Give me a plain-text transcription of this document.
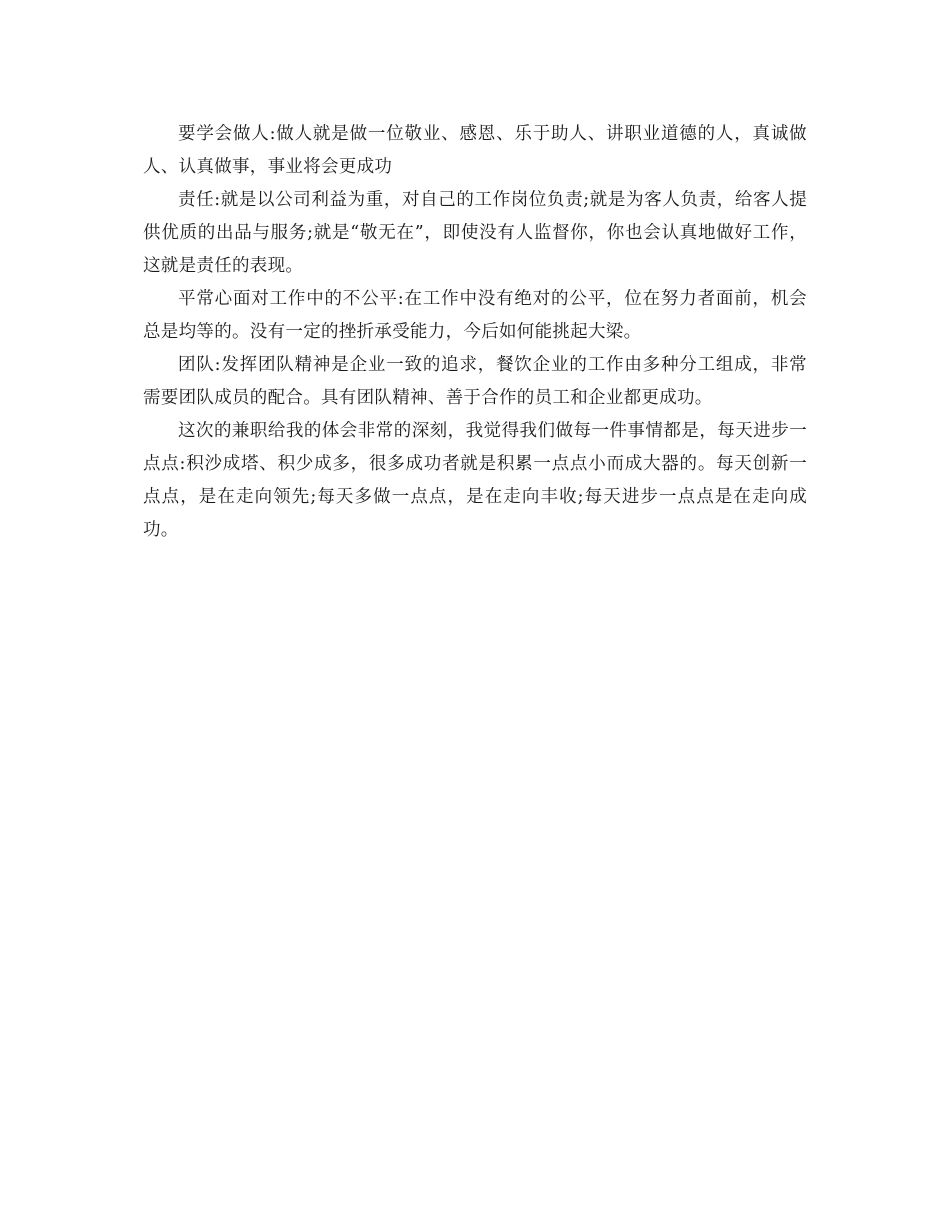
要学会做人:做人就是做一位敬业、感恩、乐于助人、讲职业道德的人，真诚做人、认真做事，事业将会更成功

责任:就是以公司利益为重，对自己的工作岗位负责;就是为客人负责，给客人提供优质的出品与服务;就是“敬无在”，即使没有人监督你，你也会认真地做好工作，这就是责任的表现。

平常心面对工作中的不公平:在工作中没有绝对的公平，位在努力者面前，机会总是均等的。没有一定的挫折承受能力，今后如何能挑起大梁。

团队:发挥团队精神是企业一致的追求，餐饮企业的工作由多种分工组成，非常需要团队成员的配合。具有团队精神、善于合作的员工和企业都更成功。

这次的兼职给我的体会非常的深刻，我觉得我们做每一件事情都是，每天进步一点点:积沙成塔、积少成多，很多成功者就是积累一点点小而成大器的。每天创新一点点，是在走向领先;每天多做一点点，是在走向丰收;每天进步一点点是在走向成功。
